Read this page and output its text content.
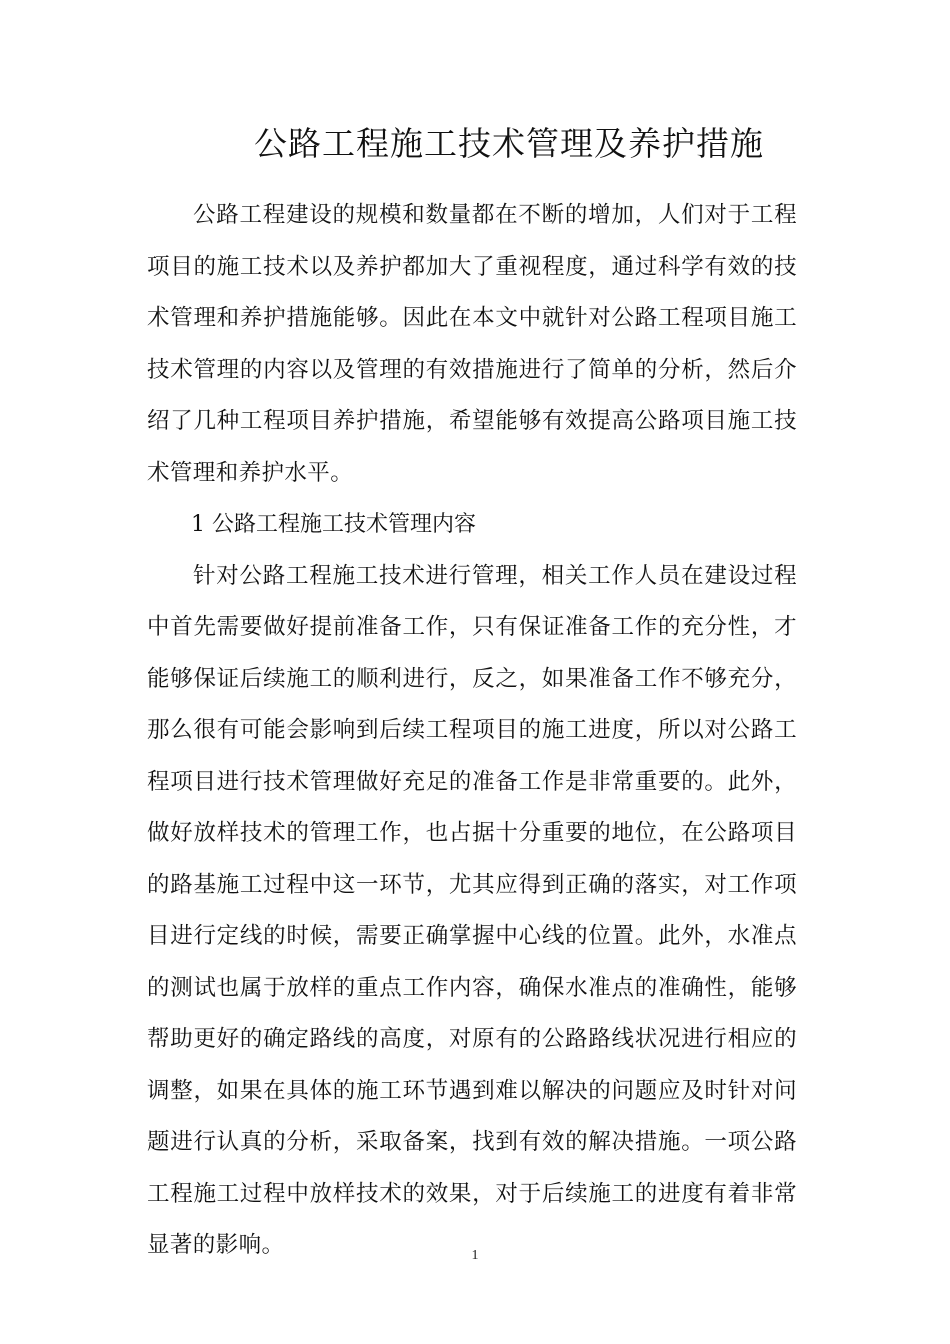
公路工程施工技术管理及养护措施

公路工程建设的规模和数量都在不断的增加，人们对于工程项目的施工技术以及养护都加大了重视程度，通过科学有效的技术管理和养护措施能够。因此在本文中就针对公路工程项目施工技术管理的内容以及管理的有效措施进行了简单的分析，然后介绍了几种工程项目养护措施，希望能够有效提高公路项目施工技术管理和养护水平。

1 公路工程施工技术管理内容

针对公路工程施工技术进行管理，相关工作人员在建设过程中首先需要做好提前准备工作，只有保证准备工作的充分性，才能够保证后续施工的顺利进行，反之，如果准备工作不够充分，那么很有可能会影响到后续工程项目的施工进度，所以对公路工程项目进行技术管理做好充足的准备工作是非常重要的。此外，做好放样技术的管理工作，也占据十分重要的地位，在公路项目的路基施工过程中这一环节，尤其应得到正确的落实，对工作项目进行定线的时候，需要正确掌握中心线的位置。此外，水准点的测试也属于放样的重点工作内容，确保水准点的准确性，能够帮助更好的确定路线的高度，对原有的公路路线状况进行相应的调整，如果在具体的施工环节遇到难以解决的问题应及时针对问题进行认真的分析，采取备案，找到有效的解决措施。一项公路工程施工过程中放样技术的效果，对于后续施工的进度有着非常显著的影响。	1
